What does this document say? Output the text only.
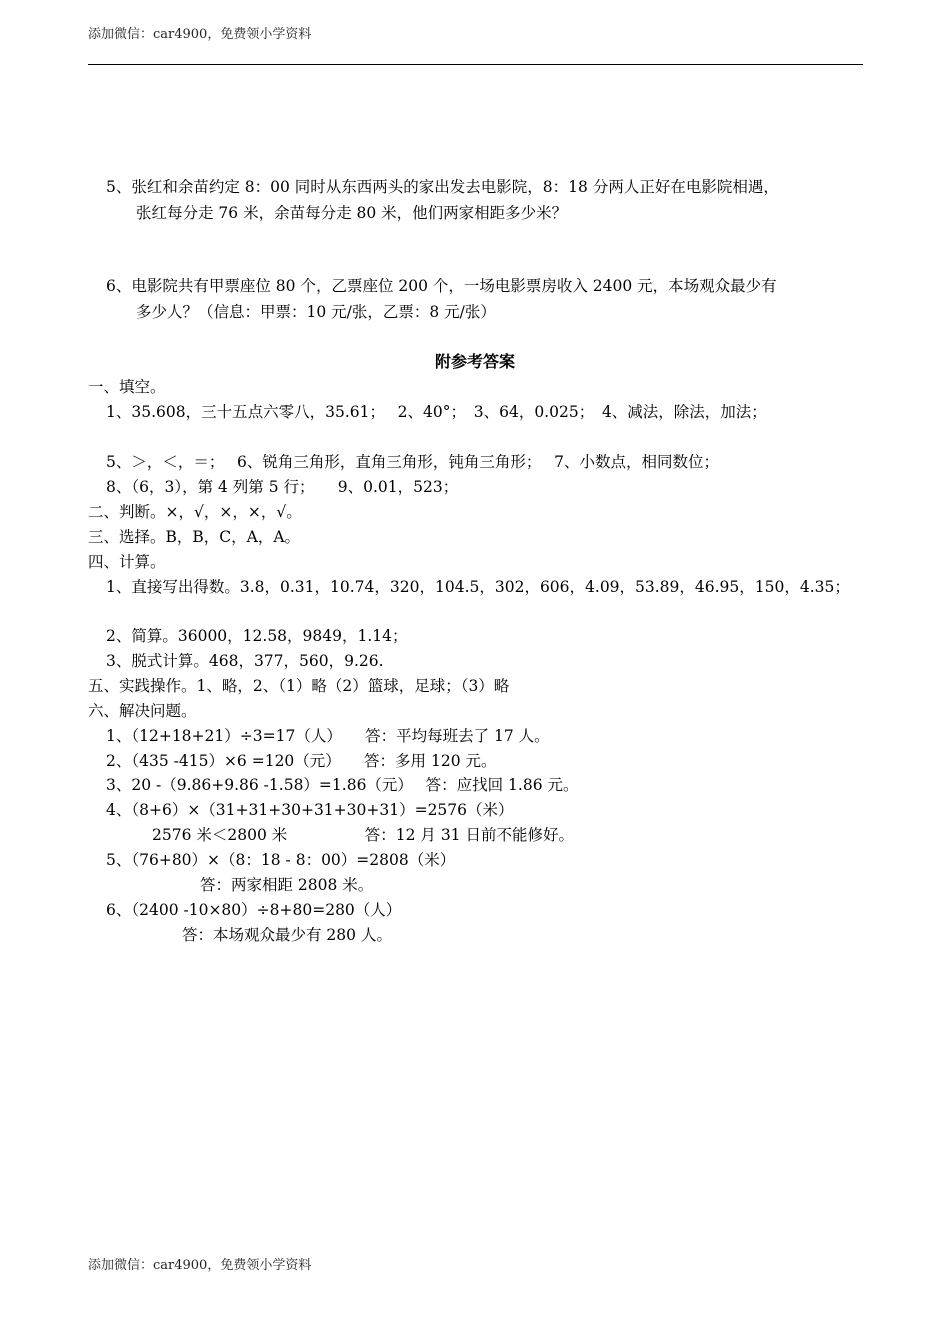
添加微信：car4900，免费领小学资料
5、张红和余苗约定 8：00 同时从东西两头的家出发去电影院，8：18 分两人正好在电影院相遇，
张红每分走 76 米，余苗每分走 80 米，他们两家相距多少米？
6、电影院共有甲票座位 80 个，乙票座位 200 个，一场电影票房收入 2400 元，本场观众最少有
多少人？（信息：甲票：10 元/张，乙票：8 元/张）
附参考答案
一、填空。
1、35.608，三十五点六零八，35.61；　 2、40°；　3、64，0.025；　4、减法，除法，加法；
5、＞，＜，＝；　 6、锐角三角形，直角三角形，钝角三角形；　 7、小数点，相同数位；
8、（6，3），第 4 列第 5 行；　　9、0.01，523；
二、判断。×，√，×，×，√。
三、选择。B，B，C，A，A。
四、计算。
1、直接写出得数。3.8，0.31，10.74，320，104.5，302，606，4.09，53.89，46.95，150，4.35；
2、简算。36000，12.58，9849，1.14；
3、脱式计算。468，377，560，9.26.
五、实践操作。1、略，2、（1）略（2）篮球，足球；（3）略
六、解决问题。
1、（12+18+21）÷3=17（人）　　答：平均每班去了 17 人。
2、（435 -415）×6 =120（元）　　答：多用 120 元。
3、20 -（9.86+9.86 -1.58）=1.86（元）　 答：应找回 1.86 元。
4、（8+6）×（31+31+30+31+30+31）=2576（米）
2576 米＜2800 米　　　　　答：12 月 31 日前不能修好。
5、（76+80）×（8：18 - 8：00）=2808（米）
答：两家相距 2808 米。
6、（2400 -10×80）÷8+80=280（人）
答：本场观众最少有 280 人。
添加微信：car4900，免费领小学资料
